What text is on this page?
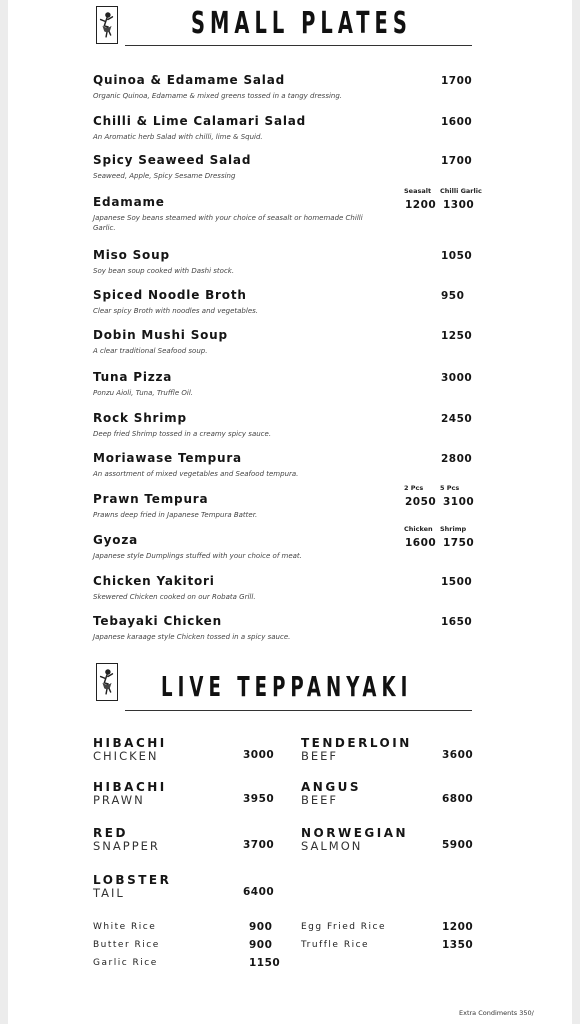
SMALL PLATES
Quinoa & Edamame Salad
Organic Quinoa, Edamame & mixed greens tossed in a tangy dressing.
1700
Chilli & Lime Calamari Salad
An Aromatic herb Salad with chilli, lime & Squid.
1600
Spicy Seaweed Salad
Seaweed, Apple, Spicy Sesame Dressing
1700
Edamame
Japanese Soy beans steamed with your choice of seasalt or homemade Chilli Garlic.
Seasalt
1200
Chilli Garlic
1300
Miso Soup
Soy bean soup cooked with Dashi stock.
1050
Spiced Noodle Broth
Clear spicy Broth with noodles and vegetables.
950
Dobin Mushi Soup
A clear traditional Seafood soup.
1250
Tuna Pizza
Ponzu Aioli, Tuna, Truffle Oil.
3000
Rock Shrimp
Deep fried Shrimp tossed in a creamy spicy sauce.
2450
Moriawase Tempura
An assortment of mixed vegetables and Seafood tempura.
2800
Prawn Tempura
Prawns deep fried in Japanese Tempura Batter.
2 Pcs
2050
5 Pcs
3100
Gyoza
Japanese style Dumplings stuffed with your choice of meat.
Chicken
1600
Shrimp
1750
Chicken Yakitori
Skewered Chicken cooked on our Robata Grill.
1500
Tebayaki Chicken
Japanese karaage style Chicken tossed in a spicy sauce.
1650
LIVE TEPPANYAKI
HIBACHI
CHICKEN	3000
HIBACHI
PRAWN	3950
RED
SNAPPER	3700
LOBSTER
TAIL	6400
TENDERLOIN
BEEF	3600
ANGUS
BEEF	6800
NORWEGIAN
SALMON	5900
White Rice	900
Butter Rice	900
Garlic Rice	1150
Egg Fried Rice	1200
Truffle Rice	1350
Extra Condiments 350/
